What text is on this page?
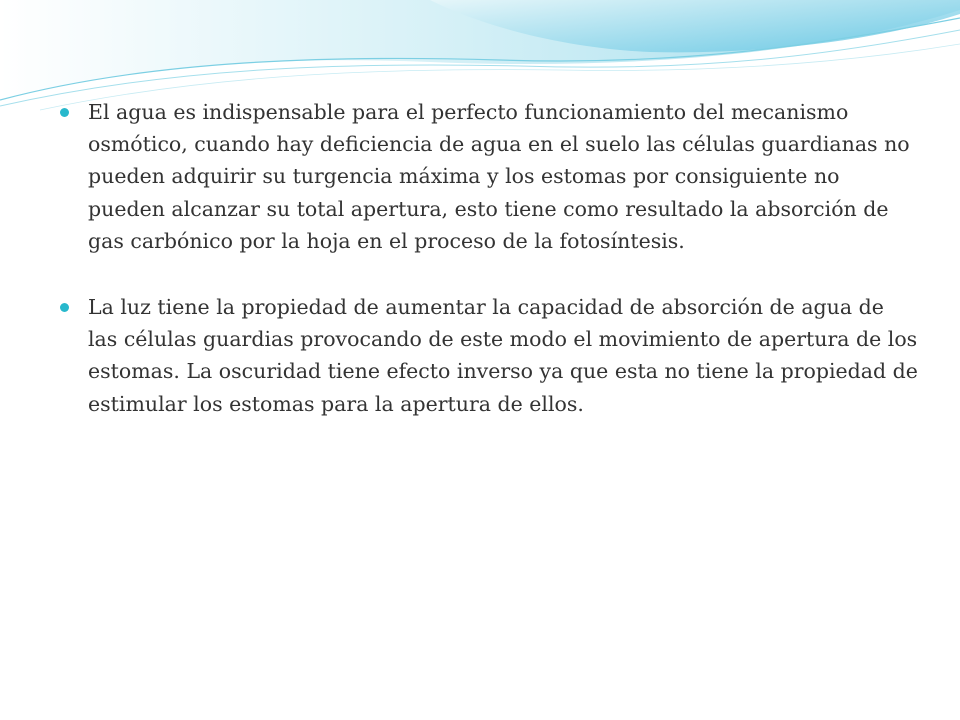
El agua es indispensable para el perfecto funcionamiento del mecanismo osmótico, cuando hay deficiencia de agua en el suelo las células guardianas no pueden adquirir su turgencia máxima y los estomas por consiguiente no pueden alcanzar su total apertura, esto tiene como resultado la absorción de gas carbónico por la hoja en el proceso de la fotosíntesis.
La luz tiene la propiedad de aumentar la capacidad de absorción de agua de las células guardias provocando de este modo el movimiento de apertura de los estomas. La oscuridad tiene efecto inverso ya que esta no tiene la propiedad de estimular los estomas para la apertura de ellos.
